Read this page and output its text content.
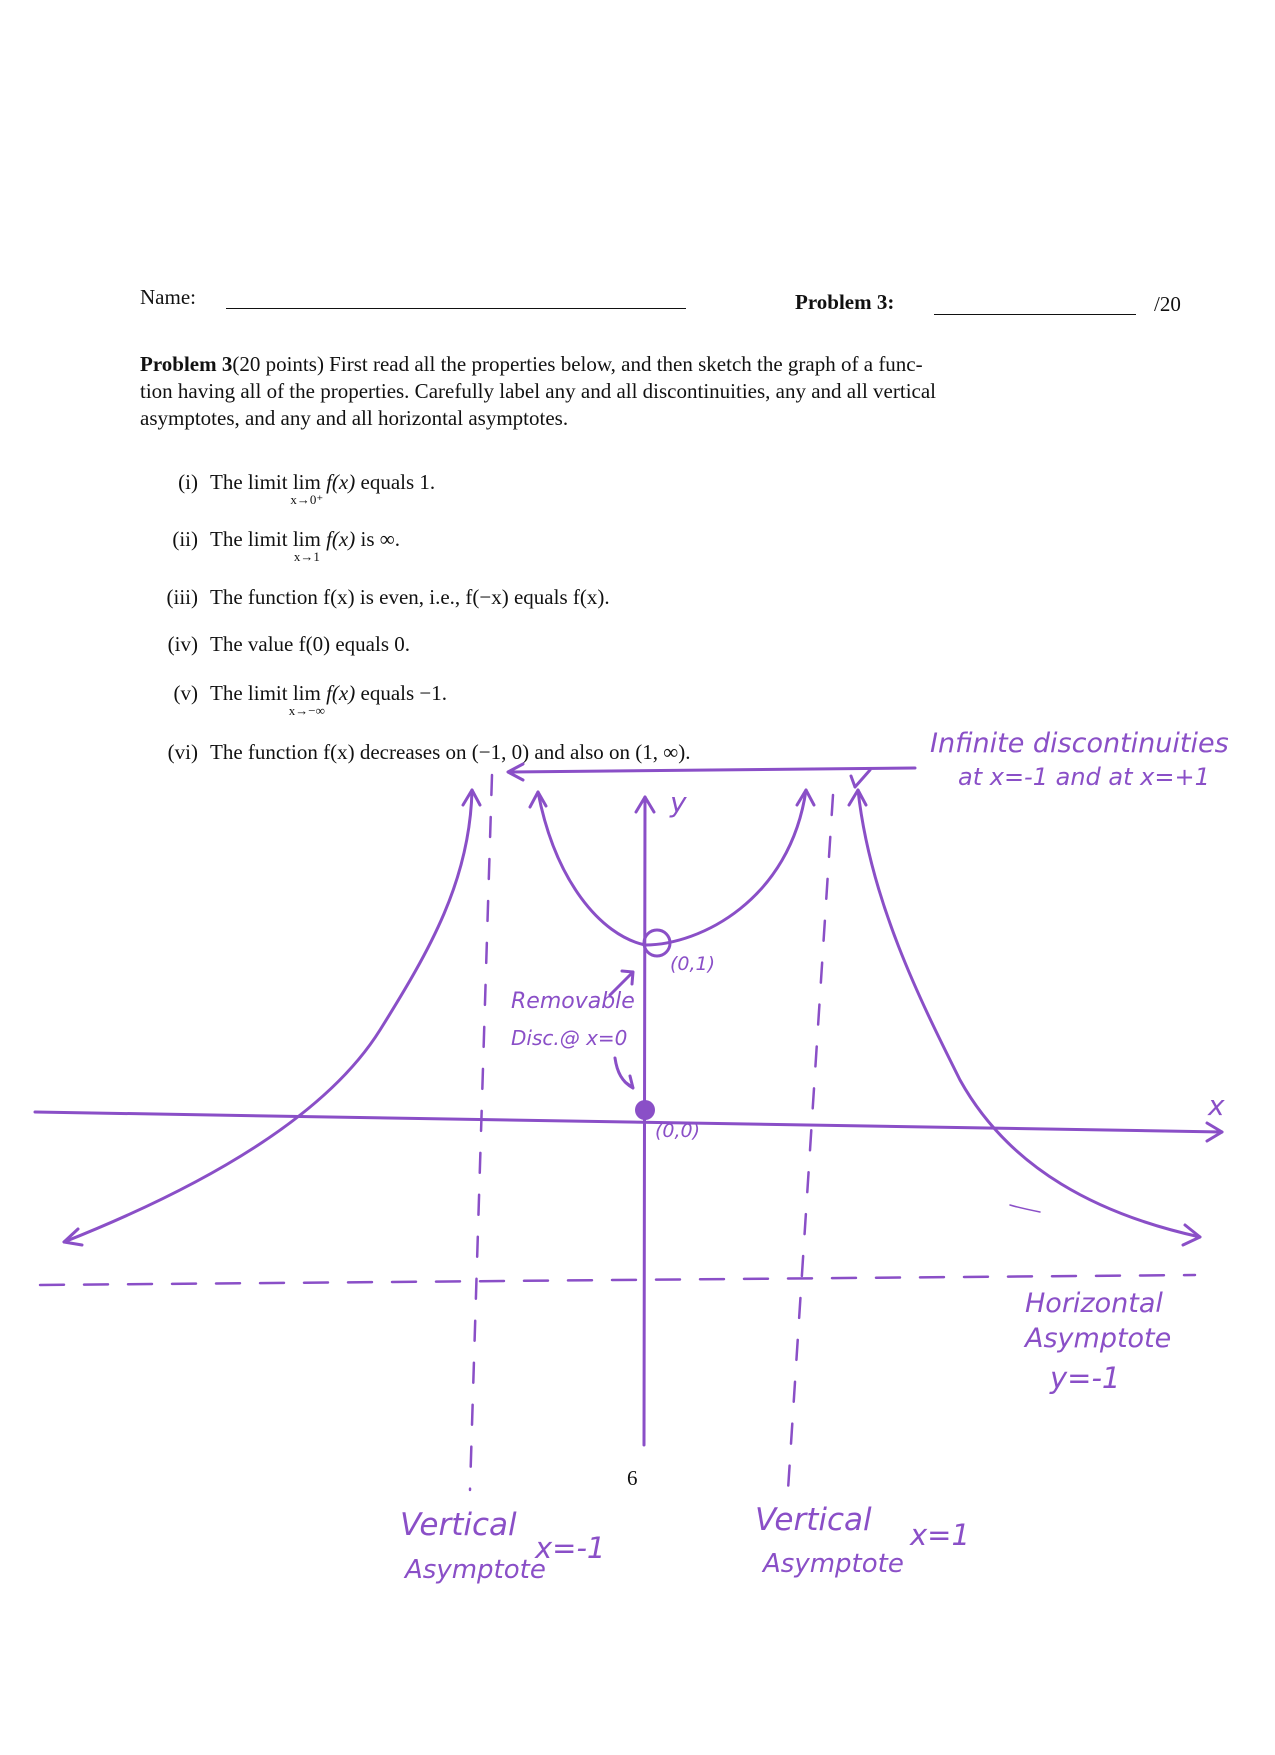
Name:	Problem 3:	/20
Problem 3(20 points) First read all the properties below, and then sketch the graph of a func-
tion having all of the properties. Carefully label any and all discontinuities, any and all vertical
asymptotes, and any and all horizontal asymptotes.
(i) The limit lim
x→0⁺
f(x) equals 1.
(ii) The limit lim
x→1
f(x) is ∞.
(iii) The function f(x) is even, i.e., f(−x) equals f(x).
(iv) The value f(0) equals 0.
(v) The limit lim
x→−∞
f(x) equals −1.
(vi) The function f(x) decreases on (−1, 0) and also on (1, ∞).	Infinite discontinuities
at x=-1 and at x=+1
y
x
(0,1)
(0,0)
Removable
Disc.@ x=0
Horizontal
Asymptote
y=-1
Vertical
Asymptote
x=-1
Vertical
Asymptote
x=1
6
